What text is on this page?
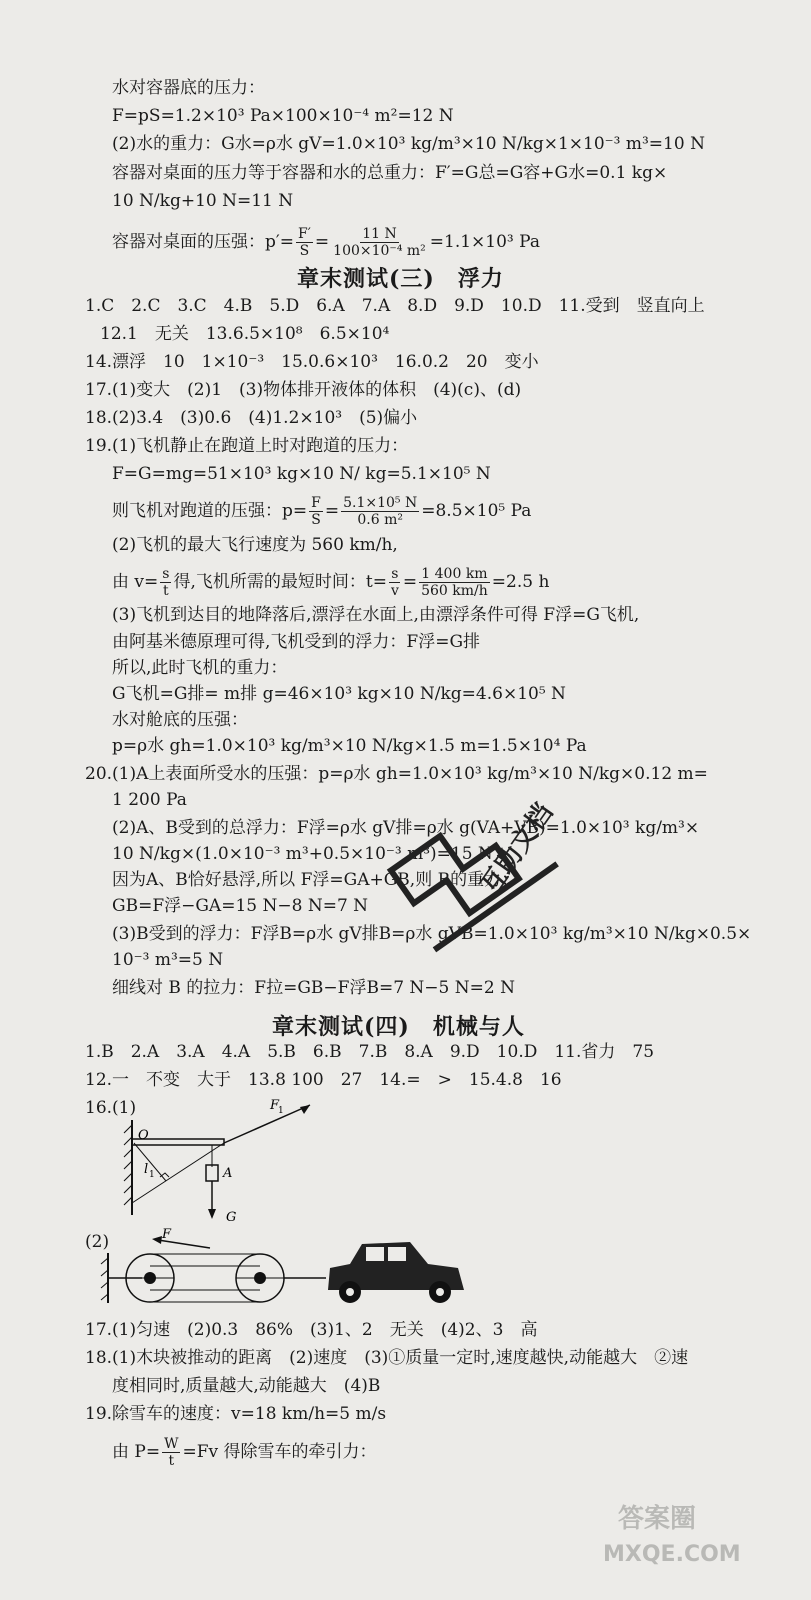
水对容器底的压力：
F=pS=1.2×10³ Pa×100×10⁻⁴ m²=12 N
(2)水的重力：G水=ρ水 gV=1.0×10³ kg/m³×10 N/kg×1×10⁻³ m³=10 N
容器对桌面的压力等于容器和水的总重力：F′=G总=G容+G水=0.1 kg×
10 N/kg+10 N=11 N
容器对桌面的压强：$p'= \frac{F'}{S} = \frac{11 N}{\text{100×10⁻⁴ m²}} =1.1\times 10^3$ Pa
章末测试(三)　浮力
1.C　2.C　3.C　4.B　5.D　6.A　7.A　8.D　9.D　10.D　11.受到　竖直向上
12.1　无关　13.6.5×10⁸　6.5×10⁴
14.漂浮　10　1×10⁻³　15.0.6×10³　16.0.2　20　变小
17.(1)变大　(2)1　(3)物体排开液体的体积　(4)(c)、(d)
18.(2)3.4　(3)0.6　(4)1.2×10³　(5)偏小
19.(1)飞机静止在跑道上时对跑道的压力：
F=G=mg=51×10³ kg×10 N/ kg=5.1×10⁵ N
则飞机对跑道的压强：$p= \frac{F}{S} = \frac{\text{5.1×10⁵ N}}{\text{0.6 m²}} =8.5\times 10^5$ Pa
(2)飞机的最大飞行速度为 560 km/h,
由 $v= \frac{s}{t}$ 得,飞机所需的最短时间：$t= \frac{s}{v} = \frac{1 400 km}{560 km/h} =2.5$ h
(3)飞机到达目的地降落后,漂浮在水面上,由漂浮条件可得 F浮=G飞机,
由阿基米德原理可得,飞机受到的浮力：F浮=G排
所以,此时飞机的重力：
G飞机=G排= m排 g=46×10³ kg×10 N/kg=4.6×10⁵ N
水对舱底的压强：
p=ρ水 gh=1.0×10³ kg/m³×10 N/kg×1.5 m=1.5×10⁴ Pa
20.(1)A上表面所受水的压强：p=ρ水 gh=1.0×10³ kg/m³×10 N/kg×0.12 m=
1 200 Pa
(2)A、B受到的总浮力：F浮=ρ水 gV排=ρ水 g(VA+VB)=1.0×10³ kg/m³×
10 N/kg×(1.0×10⁻³ m³+0.5×10⁻³ m³)=15 N
因为A、B恰好悬浮,所以 F浮=GA+GB,则 B的重力：
GB=F浮−GA=15 N−8 N=7 N
(3)B受到的浮力：F浮B=ρ水 gV排B=ρ水 gVB=1.0×10³ kg/m³×10 N/kg×0.5×
10⁻³ m³=5 N
细线对 B 的拉力：F拉=GB−F浮B=7 N−5 N=2 N
互助文档
章末测试(四)　机械与人
1.B　2.A　3.A　4.A　5.B　6.B　7.B　8.A　9.D　10.D　11.省力　75
12.一　不变　大于　13.8 100　27　14.=　>　15.4.8　16
16.(1)
O
F
1
l 1	A
G
(2)	F
17.(1)匀速　(2)0.3　86%　(3)1、2　无关　(4)2、3　高
18.(1)木块被推动的距离　(2)速度　(3)①质量一定时,速度越快,动能越大　②速
度相同时,质量越大,动能越大　(4)B
19.除雪车的速度：v=18 km/h=5 m/s
由 $P= \frac{W}{t} =Fv$ 得除雪车的牵引力：
答案圈
MXQE.COM
